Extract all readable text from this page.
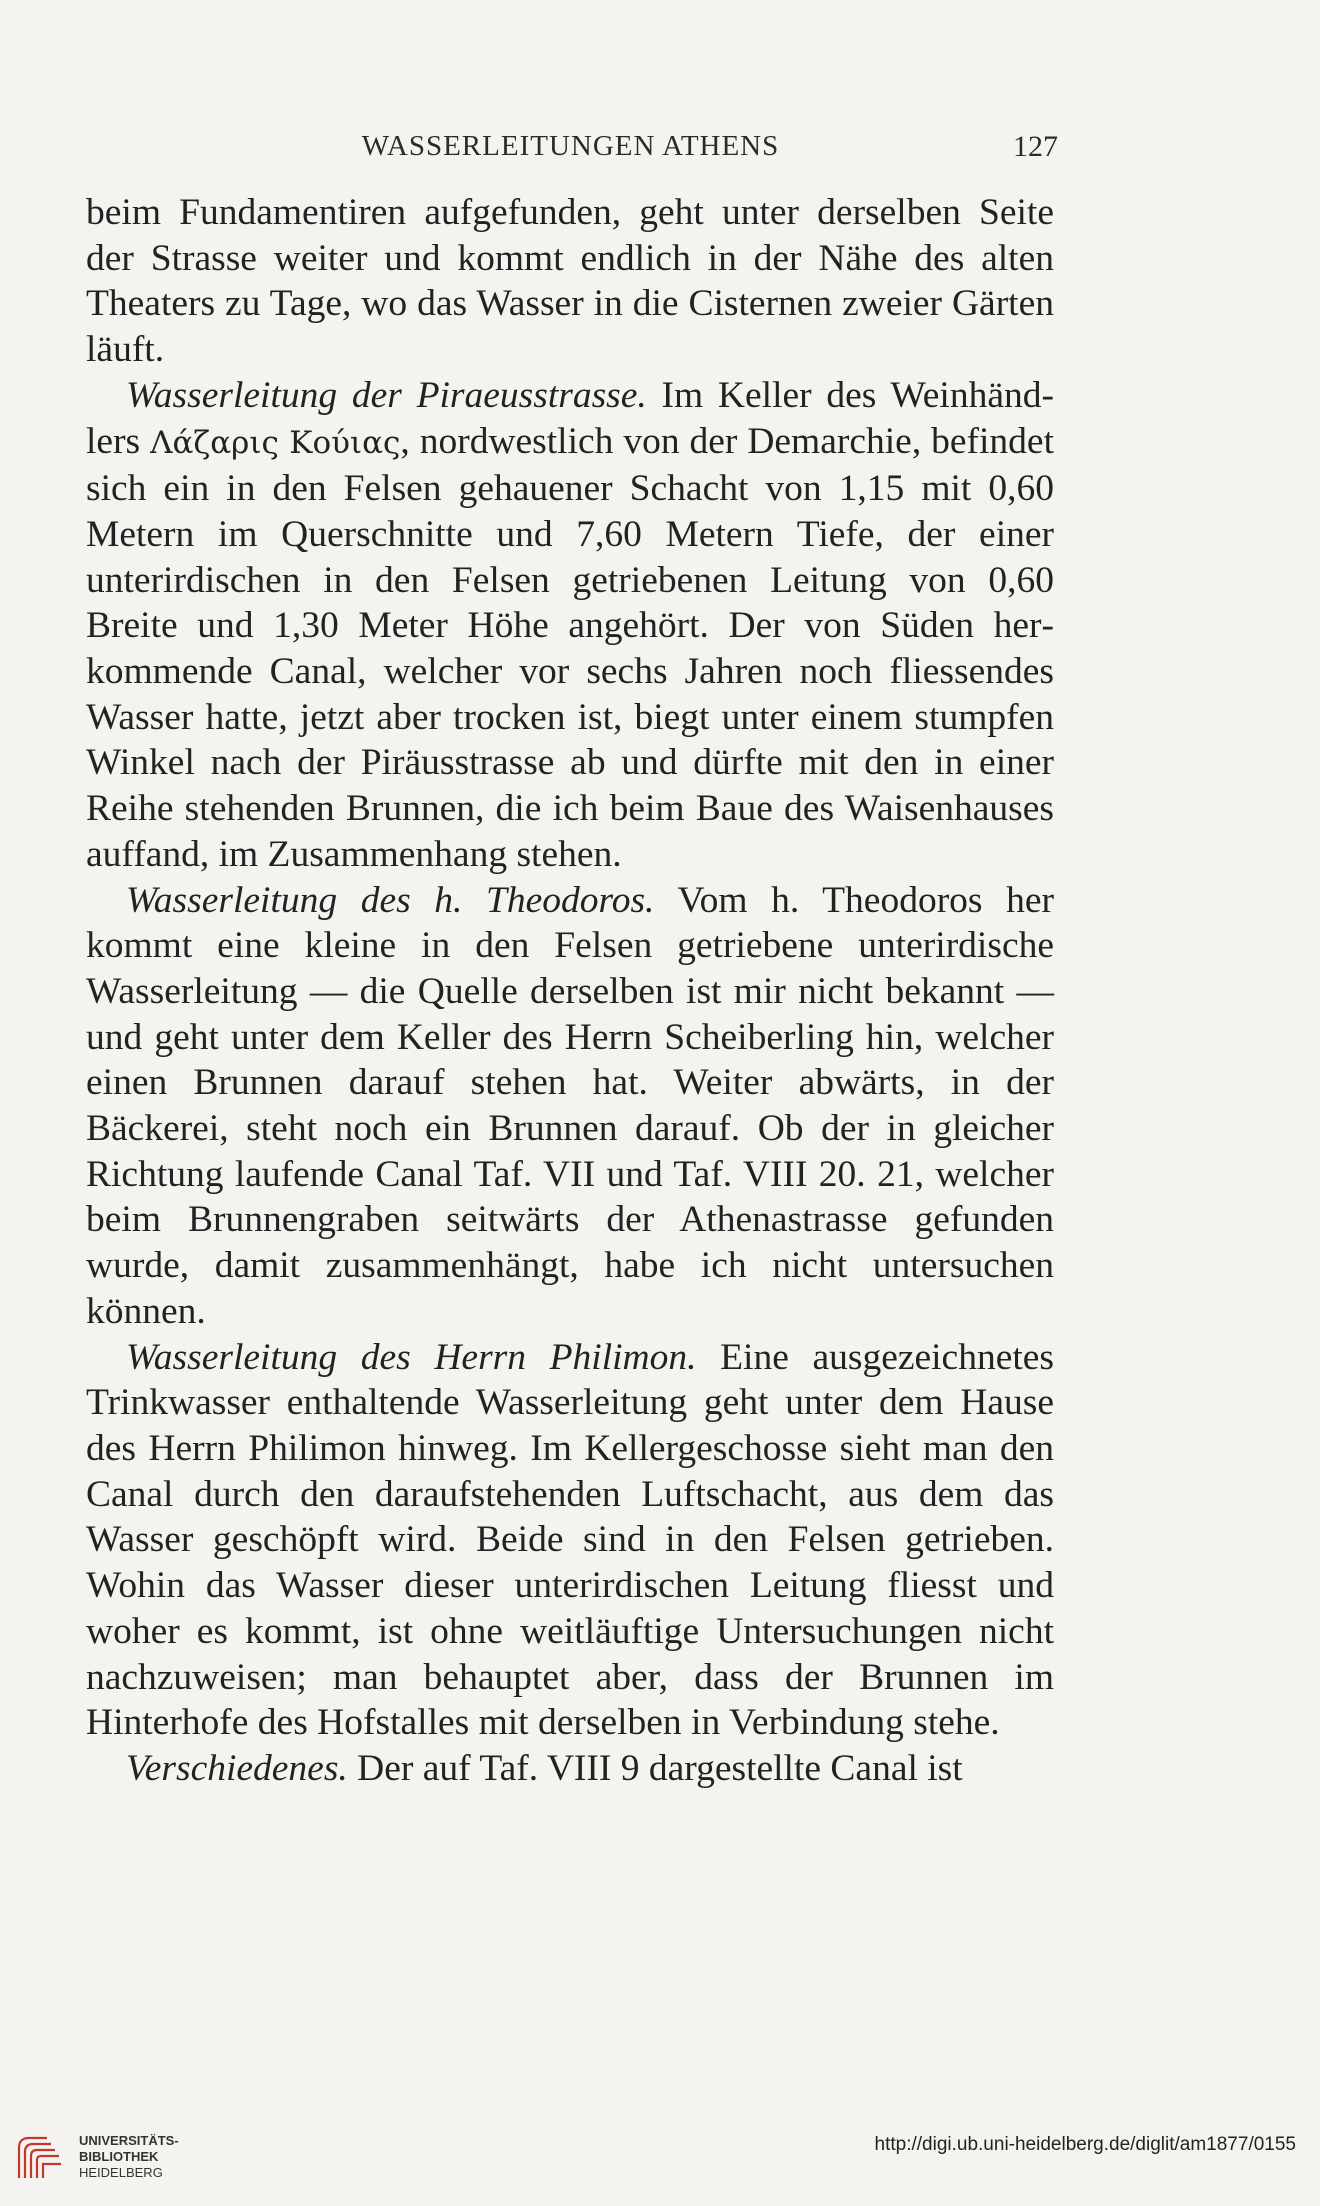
WASSERLEITUNGEN ATHENS	127

beim Fundamentiren aufgefunden, geht unter derselben Seite der Strasse weiter und kommt endlich in der Nähe des alten Theaters zu Tage, wo das Wasser in die Cisternen zweier Gärten läuft.

Wasserleitung der Piraeusstrasse. Im Keller des Weinhändlers Λάζαρις Κούιας, nordwestlich von der Demarchie, befindet sich ein in den Felsen gehauener Schacht von 1,15 mit 0,60 Metern im Querschnitte und 7,60 Metern Tiefe, der einer unterirdischen in den Felsen getriebenen Leitung von 0,60 Breite und 1,30 Meter Höhe angehört. Der von Süden herkommende Canal, welcher vor sechs Jahren noch fliessendes Wasser hatte, jetzt aber trocken ist, biegt unter einem stumpfen Winkel nach der Piräusstrasse ab und dürfte mit den in einer Reihe stehenden Brunnen, die ich beim Baue des Waisenhauses auffand, im Zusammenhang stehen.

Wasserleitung des h. Theodoros. Vom h. Theodoros her kommt eine kleine in den Felsen getriebene unterirdische Wasserleitung — die Quelle derselben ist mir nicht bekannt — und geht unter dem Keller des Herrn Scheiberling hin, welcher einen Brunnen darauf stehen hat. Weiter abwärts, in der Bäckerei, steht noch ein Brunnen darauf. Ob der in gleicher Richtung laufende Canal Taf. VII und Taf. VIII 20. 21, welcher beim Brunnengraben seitwärts der Athenastrasse gefunden wurde, damit zusammenhängt, habe ich nicht untersuchen können.

Wasserleitung des Herrn Philimon. Eine ausgezeichnetes Trinkwasser enthaltende Wasserleitung geht unter dem Hause des Herrn Philimon hinweg. Im Kellergeschosse sieht man den Canal durch den daraufstehenden Luftschacht, aus dem das Wasser geschöpft wird. Beide sind in den Felsen getrieben. Wohin das Wasser dieser unterirdischen Leitung fliesst und woher es kommt, ist ohne weitläuftige Untersuchungen nicht nachzuweisen; man behauptet aber, dass der Brunnen im Hinterhofe des Hofstalles mit derselben in Verbindung stehe.

Verschiedenes. Der auf Taf. VIII 9 dargestellte Canal ist

UNIVERSITÄTS-
BIBLIOTHEK
HEIDELBERG
http://digi.ub.uni-heidelberg.de/diglit/am1877/0155
